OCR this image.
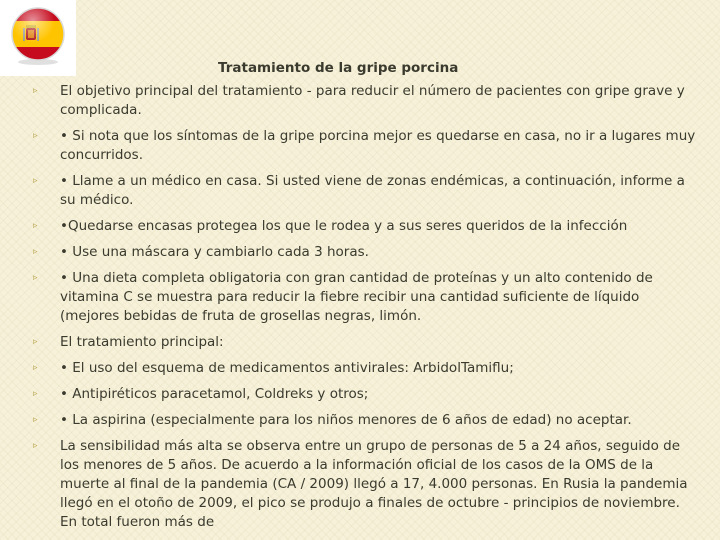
Tratamiento de la gripe porcina
▹	El objetivo principal del tratamiento - para reducir el número de pacientes con gripe grave y complicada.
▹	• Si nota que los síntomas de la gripe porcina mejor es quedarse en casa, no ir a lugares muy concurridos.
▹	• Llame a un médico en casa. Si usted viene de zonas endémicas, a continuación, informe a su médico.
▹	•Quedarse encasas protegea los que le rodea y a sus seres queridos de la infección
▹	• Use una máscara y cambiarlo cada 3 horas.
▹	• Una dieta completa obligatoria con gran cantidad de proteínas y un alto contenido de vitamina C se muestra para reducir la fiebre recibir una cantidad suficiente de líquido (mejores bebidas de fruta de grosellas negras, limón.
▹	El tratamiento principal:
▹	• El uso del esquema de medicamentos antivirales: ArbidolTamiflu;
▹	• Antipiréticos paracetamol, Coldreks y otros;
▹	• La aspirina (especialmente para los niños menores de 6 años de edad) no aceptar.
▹	La sensibilidad más alta se observa entre un grupo de personas de 5 a 24 años, seguido de los menores de 5 años. De acuerdo a la información oficial de los casos de la OMS de la muerte al final de la pandemia (CA / 2009) llegó a 17, 4.000 personas. En Rusia la pandemia llegó en el otoño de 2009, el pico se produjo a finales de octubre - principios de noviembre. En total fueron más de
